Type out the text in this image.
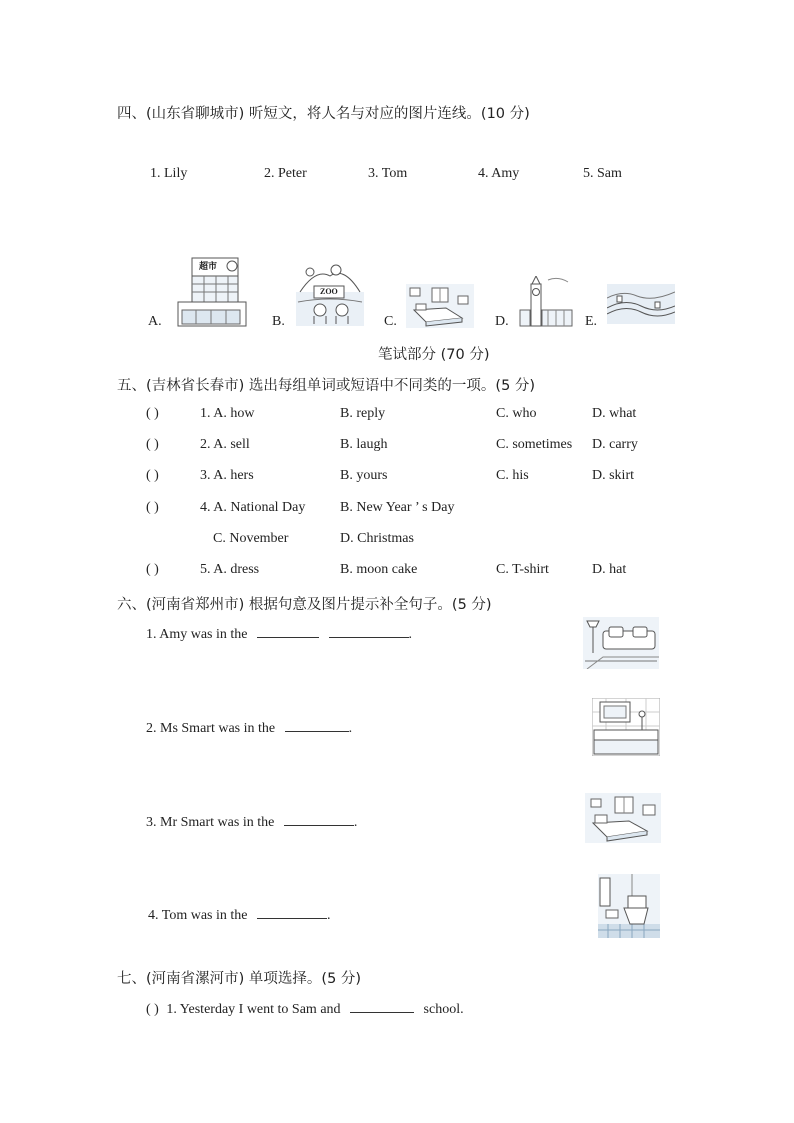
四、(山东省聊城市) 听短文，将人名与对应的图片连线。(10 分)
1. Lily	2. Peter	3. Tom	4. Amy	5. Sam
A.	B.	C.	D.	E.
超市
ZOO
笔试部分 (70 分)
五、(吉林省长春市) 选出每组单词或短语中不同类的一项。(5 分)
( )	1. A. how	B. reply	C. who	D. what
( )	2. A. sell	B. laugh	C. sometimes D. carry
( )	3. A. hers	B. yours	C. his	D. skirt
( )	4. A. National Day B. New Year ’ s Day
C. November	D. Christmas
( )	5. A. dress	B. moon cake	C. T-shirt	D. hat
六、(河南省郑州市) 根据句意及图片提示补全句子。(5 分)
1. Amy was in the	.
2. Ms Smart was in the	.
3. Mr Smart was in the	.
4. Tom was in the	.
七、(河南省漯河市) 单项选择。(5 分)
( ) 1. Yesterday I went to Sam and	school.
